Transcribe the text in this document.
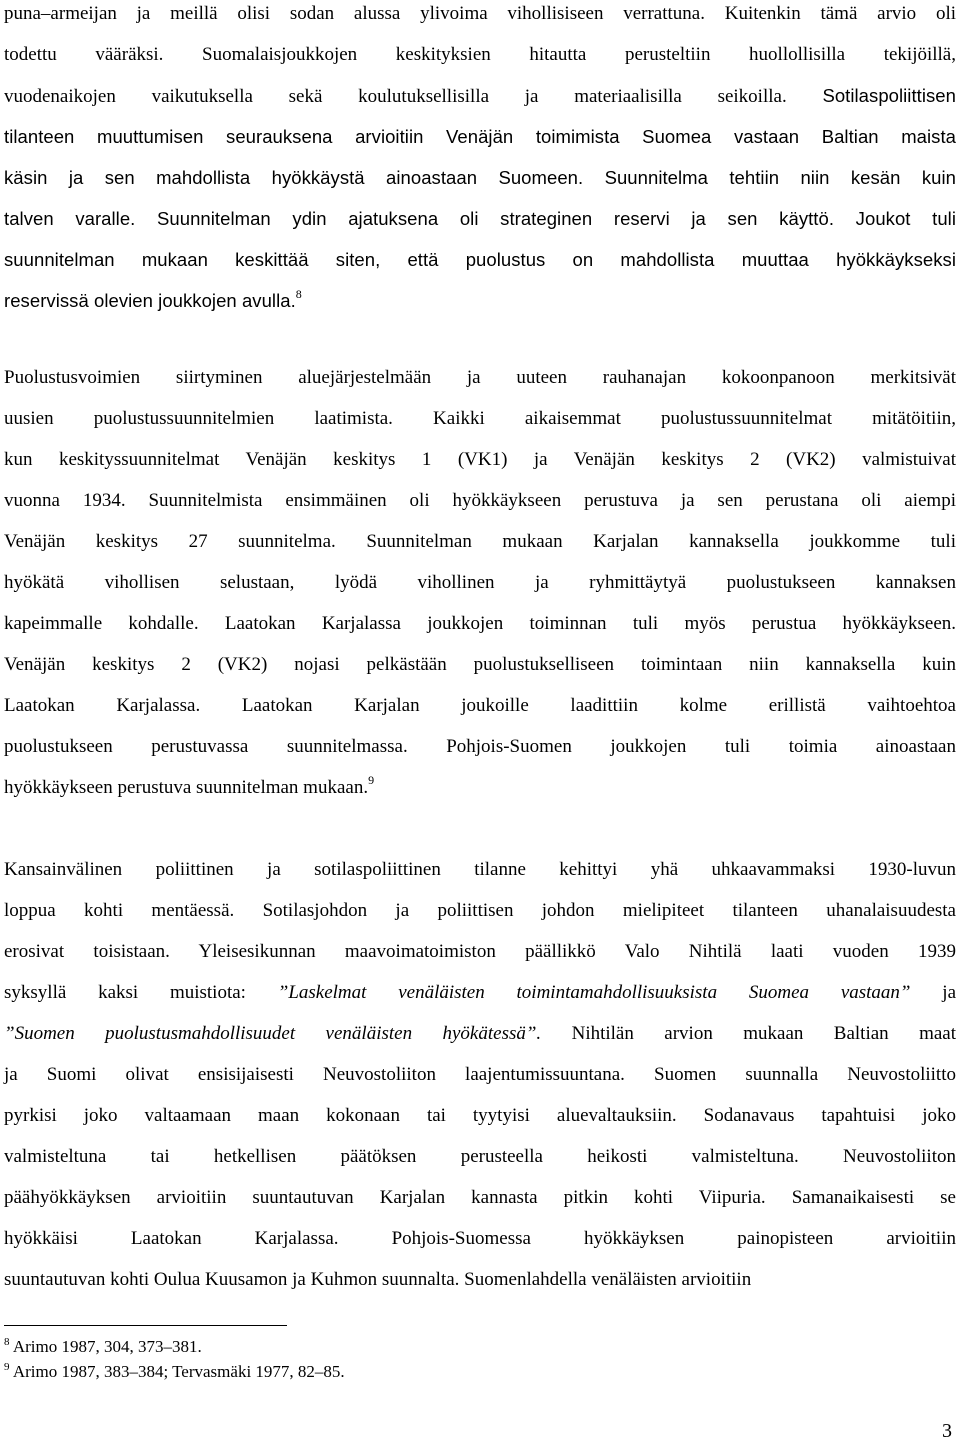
puna–armeijan ja meillä olisi sodan alussa ylivoima vihollisiseen verrattuna. Kuitenkin tämä arvio oli
todettu vääräksi. Suomalaisjoukkojen keskityksien hitautta perusteltiin huollollisilla tekijöillä,
vuodenaikojen vaikutuksella sekä koulutuksellisilla ja materiaalisilla seikoilla. Sotilaspoliittisen
tilanteen muuttumisen seurauksena arvioitiin Venäjän toimimista Suomea vastaan Baltian maista
käsin ja sen mahdollista hyökkäystä ainoastaan Suomeen. Suunnitelma tehtiin niin kesän kuin
talven varalle. Suunnitelman ydin ajatuksena oli strateginen reservi ja sen käyttö. Joukot tuli
suunnitelman mukaan keskittää siten, että puolustus on mahdollista muuttaa hyökkäykseksi
reservissä olevien joukkojen avulla.$^8$
Puolustusvoimien siirtyminen aluejärjestelmään ja uuteen rauhanajan kokoonpanoon merkitsivät
uusien puolustussuunnitelmien laatimista. Kaikki aikaisemmat puolustussuunnitelmat mitätöitiin,
kun keskityssuunnitelmat Venäjän keskitys 1 (VK1) ja Venäjän keskitys 2 (VK2) valmistuivat
vuonna 1934. Suunnitelmista ensimmäinen oli hyökkäykseen perustuva ja sen perustana oli aiempi
Venäjän keskitys 27 suunnitelma. Suunnitelman mukaan Karjalan kannaksella joukkomme tuli
hyökätä vihollisen selustaan, lyödä vihollinen ja ryhmittäytyä puolustukseen kannaksen
kapeimmalle kohdalle. Laatokan Karjalassa joukkojen toiminnan tuli myös perustua hyökkäykseen.
Venäjän keskitys 2 (VK2) nojasi pelkästään puolustukselliseen toimintaan niin kannaksella kuin
Laatokan Karjalassa. Laatokan Karjalan joukoille laadittiin kolme erillistä vaihtoehtoa
puolustukseen perustuvassa suunnitelmassa. Pohjois-Suomen joukkojen tuli toimia ainoastaan
hyökkäykseen perustuva suunnitelman mukaan.$^9$
Kansainvälinen poliittinen ja sotilaspoliittinen tilanne kehittyi yhä uhkaavammaksi 1930-luvun
loppua kohti mentäessä. Sotilasjohdon ja poliittisen johdon mielipiteet tilanteen uhanalaisuudesta
erosivat toisistaan. Yleisesikunnan maavoimatoimiston päällikkö Valo Nihtilä laati vuoden 1939
syksyllä kaksi muistiota: ”Laskelmat venäläisten toimintamahdollisuuksista Suomea vastaan” ja
”Suomen puolustusmahdollisuudet venäläisten hyökätessä”. Nihtilän arvion mukaan Baltian maat
ja Suomi olivat ensisijaisesti Neuvostoliiton laajentumissuuntana. Suomen suunnalla Neuvostoliitto
pyrkisi joko valtaamaan maan kokonaan tai tyytyisi aluevaltauksiin. Sodanavaus tapahtuisi joko
valmisteltuna tai hetkellisen päätöksen perusteella heikosti valmisteltuna. Neuvostoliiton
päähyökkäyksen arvioitiin suuntautuvan Karjalan kannasta pitkin kohti Viipuria. Samanaikaisesti se
hyökkäisi Laatokan Karjalassa. Pohjois-Suomessa hyökkäyksen painopisteen arvioitiin
suuntautuvan kohti Oulua Kuusamon ja Kuhmon suunnalta. Suomenlahdella venäläisten arvioitiin
$^8$ Arimo 1987, 304, 373–381.
$^9$ Arimo 1987, 383–384; Tervasmäki 1977, 82–85.
3
